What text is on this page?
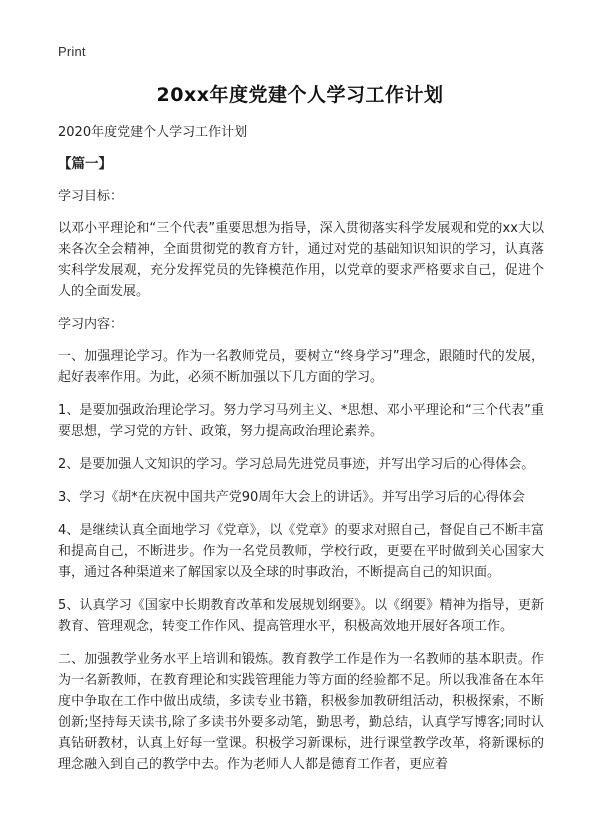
Print
20xx年度党建个人学习工作计划

2020年度党建个人学习工作计划

【篇一】

学习目标：

以邓小平理论和“三个代表”重要思想为指导，深入贯彻落实科学发展观和党的xx大以来各次全会精神，全面贯彻党的教育方针，通过对党的基础知识知识的学习，认真落实科学发展观，充分发挥党员的先锋模范作用，以党章的要求严格要求自己，促进个人的全面发展。

学习内容：

一、加强理论学习。作为一名教师党员，要树立“终身学习”理念，跟随时代的发展，起好表率作用。为此，必须不断加强以下几方面的学习。

1、是要加强政治理论学习。努力学习马列主义、*思想、邓小平理论和“三个代表”重要思想，学习党的方针、政策，努力提高政治理论素养。

2、是要加强人文知识的学习。学习总局先进党员事迹，并写出学习后的心得体会。

3、学习《胡*在庆祝中国共产党90周年大会上的讲话》。并写出学习后的心得体会

4、是继续认真全面地学习《党章》，以《党章》的要求对照自己，督促自己不断丰富和提高自己，不断进步。作为一名党员教师，学校行政，更要在平时做到关心国家大事，通过各种渠道来了解国家以及全球的时事政治，不断提高自己的知识面。

5、认真学习《国家中长期教育改革和发展规划纲要》。以《纲要》精神为指导，更新教育、管理观念，转变工作作风、提高管理水平，积极高效地开展好各项工作。

二、加强教学业务水平上培训和锻炼。教育教学工作是作为一名教师的基本职责。作为一名新教师，在教育理论和实践管理能力等方面的经验都不足。所以我准备在本年度中争取在工作中做出成绩，多读专业书籍，积极参加教研组活动，积极探索，不断创新;坚持每天读书,除了多读书外要多动笔，勤思考，勤总结，认真学写博客;同时认真钻研教材，认真上好每一堂课。积极学习新课标，进行课堂教学改革，将新课标的理念融入到自己的教学中去。作为老师人人都是德育工作者，更应着
